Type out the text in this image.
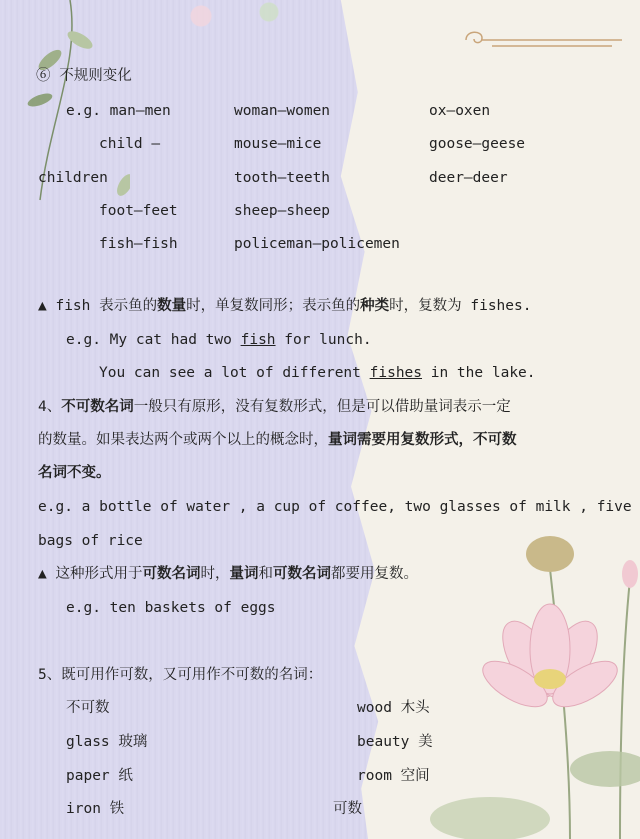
⑥ 不规则变化
e.g. man—men	woman—women	ox—oxen
child —	mouse—mice	goose—geese
children	tooth—teeth	deer—deer
foot—feet	sheep—sheep
fish—fish	policeman—policemen
▲ fish 表示鱼的数量时，单复数同形；表示鱼的种类时，复数为 fishes.
e.g. My cat had two fish for lunch.
You can see a lot of different fishes in the lake.
4、不可数名词一般只有原形，没有复数形式，但是可以借助量词表示一定
的数量。如果表达两个或两个以上的概念时，量词需要用复数形式，不可数
名词不变。
e.g. a bottle of water , a cup of coffee, two glasses of milk , five
bags of rice
▲ 这种形式用于可数名词时，量词和可数名词都要用复数。
e.g. ten baskets of eggs
5、既可用作可数，又可用作不可数的名词：
不可数	wood 木头
glass 玻璃	beauty 美
paper 纸	room 空间
iron 铁	可数
